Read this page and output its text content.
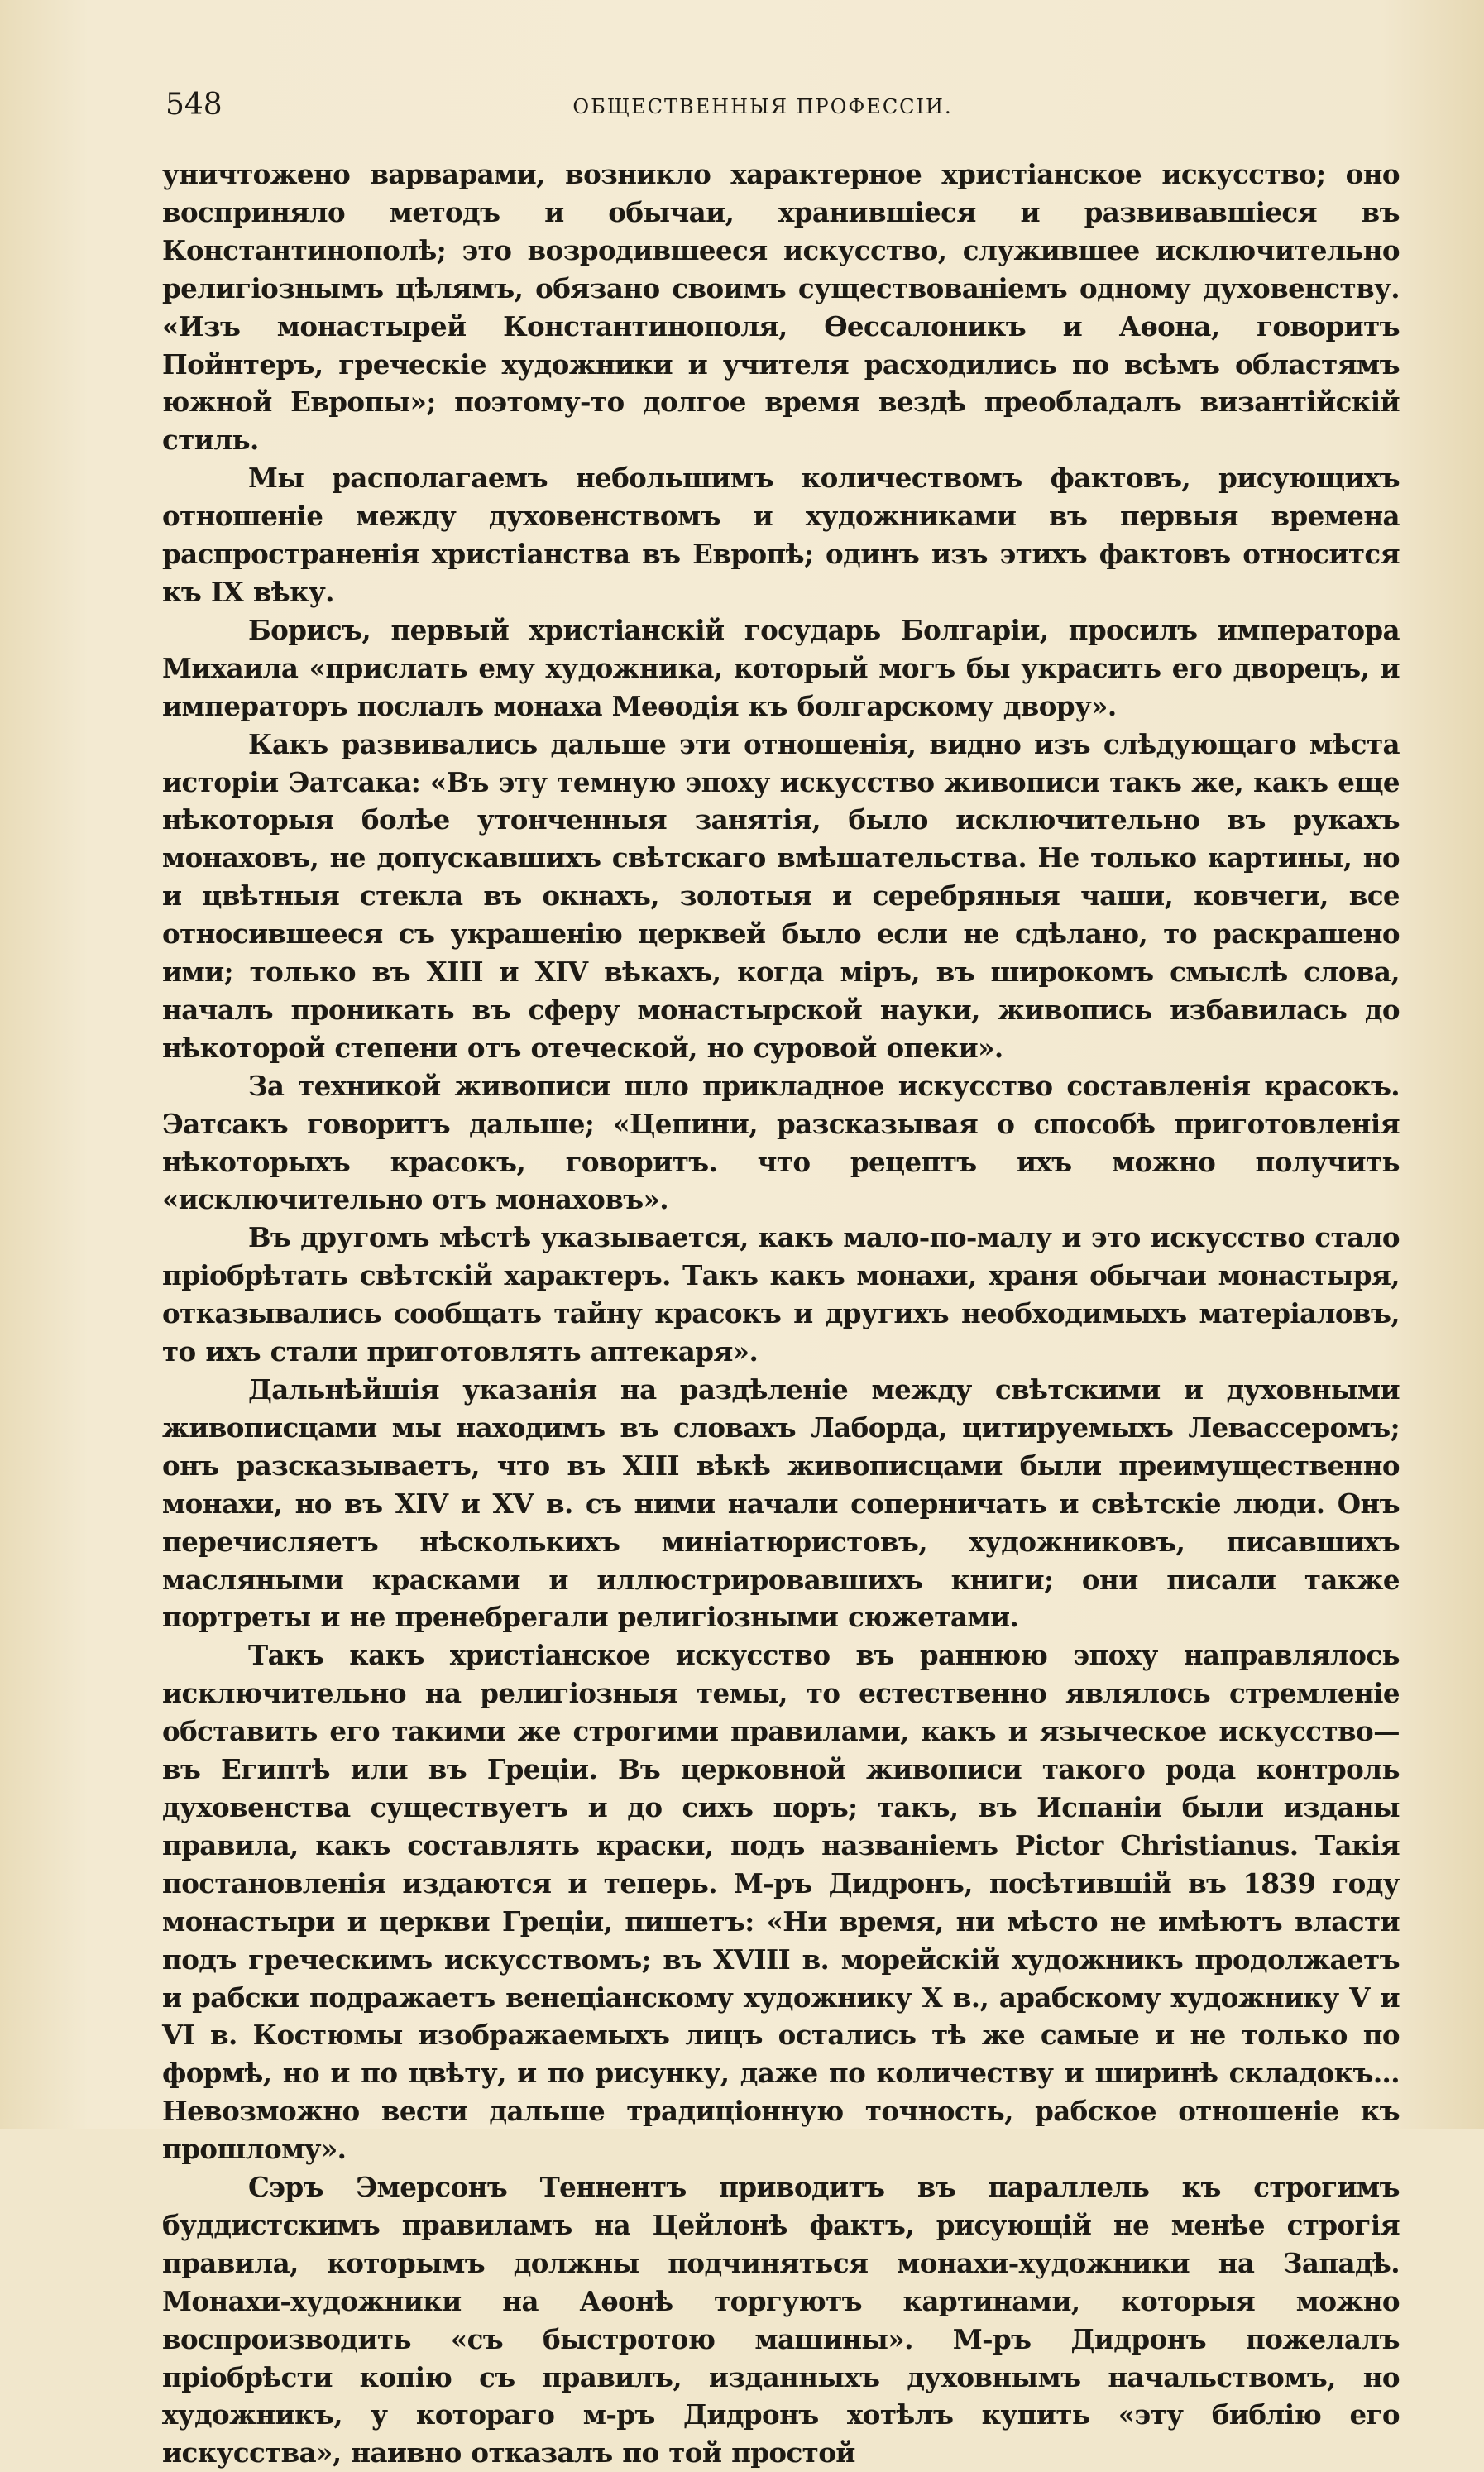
548	ОБЩЕСТВЕННЫЯ ПРОФЕССІИ.

уничтожено варварами, возникло характерное христіанское искусство; оно восприняло методъ и обычаи, хранившіеся и развивавшіеся въ Константинополѣ; это возродившееся искусство, служившее исключительно религіознымъ цѣлямъ, обязано своимъ существованіемъ одному духовенству. «Изъ монастырей Константинополя, Ѳессалоникъ и Аѳона, говоритъ Пойнтеръ, греческіе художники и учителя расходились по всѣмъ областямъ южной Европы»; поэтому-то долгое время вездѣ преобладалъ византійскій стиль.

Мы располагаемъ небольшимъ количествомъ фактовъ, рисующихъ отношеніе между духовенствомъ и художниками въ первыя времена распространенія христіанства въ Европѣ; одинъ изъ этихъ фактовъ относится къ IX вѣку.

Борисъ, первый христіанскій государь Болгаріи, просилъ императора Михаила «прислать ему художника, который могъ бы украсить его дворецъ, и императоръ послалъ монаха Меѳодія къ болгарскому двору».

Какъ развивались дальше эти отношенія, видно изъ слѣдующаго мѣста исторіи Эатсака: «Въ эту темную эпоху искусство живописи такъ же, какъ еще нѣкоторыя болѣе утонченныя занятія, было исключительно въ рукахъ монаховъ, не допускавшихъ свѣтскаго вмѣшательства. Не только картины, но и цвѣтныя стекла въ окнахъ, золотыя и серебряныя чаши, ковчеги, все относившееся съ украшенію церквей было если не сдѣлано, то раскрашено ими; только въ XIII и XIV вѣкахъ, когда міръ, въ широкомъ смыслѣ слова, началъ проникать въ сферу монастырской науки, живопись избавилась до нѣкоторой степени отъ отеческой, но суровой опеки».

За техникой живописи шло прикладное искусство составленія красокъ. Эатсакъ говоритъ дальше; «Цепини, разсказывая о способѣ приготовленія нѣкоторыхъ красокъ, говоритъ. что рецептъ ихъ можно получить «исключительно отъ монаховъ».

Въ другомъ мѣстѣ указывается, какъ мало-по-малу и это искусство стало пріобрѣтать свѣтскій характеръ. Такъ какъ монахи, храня обычаи монастыря, отказывались сообщать тайну красокъ и другихъ необходимыхъ матеріаловъ, то ихъ стали приготовлять аптекаря».

Дальнѣйшія указанія на раздѣленіе между свѣтскими и духовными живописцами мы находимъ въ словахъ Лаборда, цитируемыхъ Левассеромъ; онъ разсказываетъ, что въ XIII вѣкѣ живописцами были преимущественно монахи, но въ XIV и XV в. съ ними начали соперничать и свѣтскіе люди. Онъ перечисляетъ нѣсколькихъ миніатюристовъ, художниковъ, писавшихъ масляными красками и иллюстрировавшихъ книги; они писали также портреты и не пренебрегали религіозными сюжетами.

Такъ какъ христіанское искусство въ раннюю эпоху направлялось исключительно на религіозныя темы, то естественно являлось стремленіе обставить его такими же строгими правилами, какъ и языческое искусство—въ Египтѣ или въ Греціи. Въ церковной живописи такого рода контроль духовенства существуетъ и до сихъ поръ; такъ, въ Испаніи были изданы правила, какъ составлять краски, подъ названіемъ Pictor Christianus. Такія постановленія издаются и теперь. М-ръ Дидронъ, посѣтившій въ 1839 году монастыри и церкви Греціи, пишетъ: «Ни время, ни мѣсто не имѣютъ власти подъ греческимъ искусствомъ; въ XVIII в. морейскій художникъ продолжаетъ и рабски подражаетъ венеціанскому художнику X в., арабскому художнику V и VI в. Костюмы изображаемыхъ лицъ остались тѣ же самые и не только по формѣ, но и по цвѣту, и по рисунку, даже по количеству и ширинѣ складокъ... Невозможно вести дальше традиціонную точность, рабское отношеніе къ прошлому».

Сэръ Эмерсонъ Теннентъ приводитъ въ параллель къ строгимъ буддистскимъ правиламъ на Цейлонѣ фактъ, рисующій не менѣе строгія правила, которымъ должны подчиняться монахи-художники на Западѣ. Монахи-художники на Аѳонѣ торгуютъ картинами, которыя можно воспроизводить «съ быстротою машины». М-ръ Дидронъ пожелалъ пріобрѣсти копію съ правилъ, изданныхъ духовнымъ начальствомъ, но художникъ, у котораго м-ръ Дидронъ хотѣлъ купить «эту библію его искусства», наивно отказалъ по той простой
